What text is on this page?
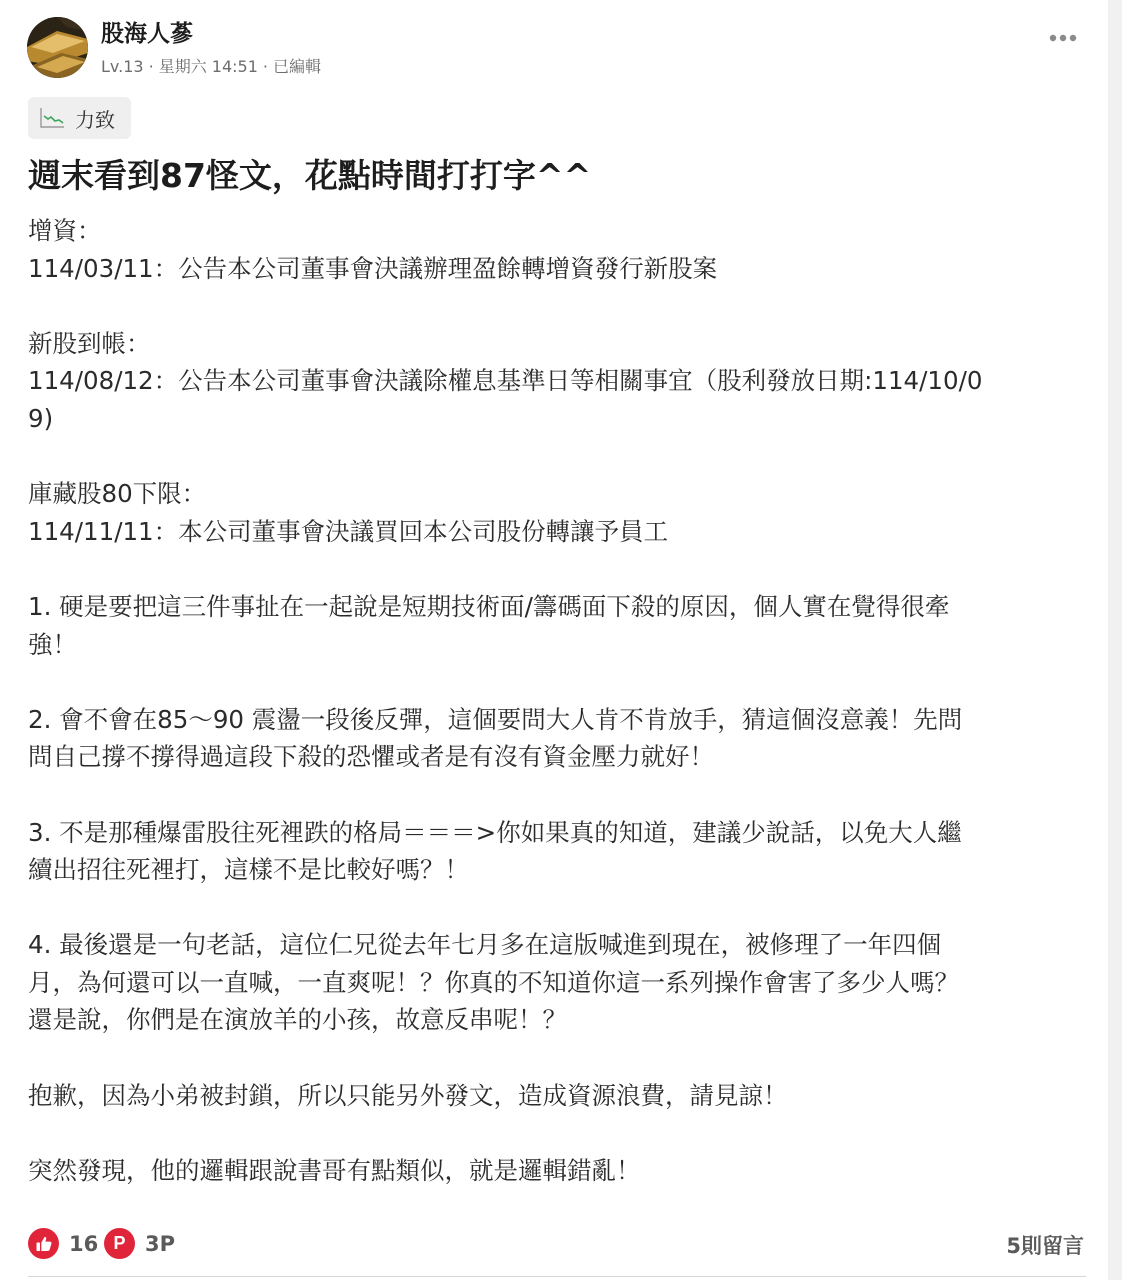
股海人蔘
Lv.13 · 星期六 14:51 · 已編輯
力致
週末看到87怪文，花點時間打打字^^
增資：
114/03/11：公告本公司董事會決議辦理盈餘轉增資發行新股案
新股到帳：
114/08/12：公告本公司董事會決議除權息基準日等相關事宜（股利發放日期:114/10/0
9)
庫藏股80下限：
114/11/11：本公司董事會決議買回本公司股份轉讓予員工
1. 硬是要把這三件事扯在一起說是短期技術面/籌碼面下殺的原因，個人實在覺得很牽
強！
2. 會不會在85～90 震盪一段後反彈，這個要問大人肯不肯放手，猜這個沒意義！先問
問自己撐不撐得過這段下殺的恐懼或者是有沒有資金壓力就好！
3. 不是那種爆雷股往死裡跌的格局＝＝＝>你如果真的知道，建議少說話，以免大人繼
續出招往死裡打，這樣不是比較好嗎？！
4. 最後還是一句老話，這位仁兄從去年七月多在這版喊進到現在，被修理了一年四個
月，為何還可以一直喊，一直爽呢！？你真的不知道你這一系列操作會害了多少人嗎？
還是說，你們是在演放羊的小孩，故意反串呢！？
抱歉，因為小弟被封鎖，所以只能另外發文，造成資源浪費，請見諒！
突然發現，他的邏輯跟說書哥有點類似，就是邏輯錯亂！
16 P 3P	5則留言
